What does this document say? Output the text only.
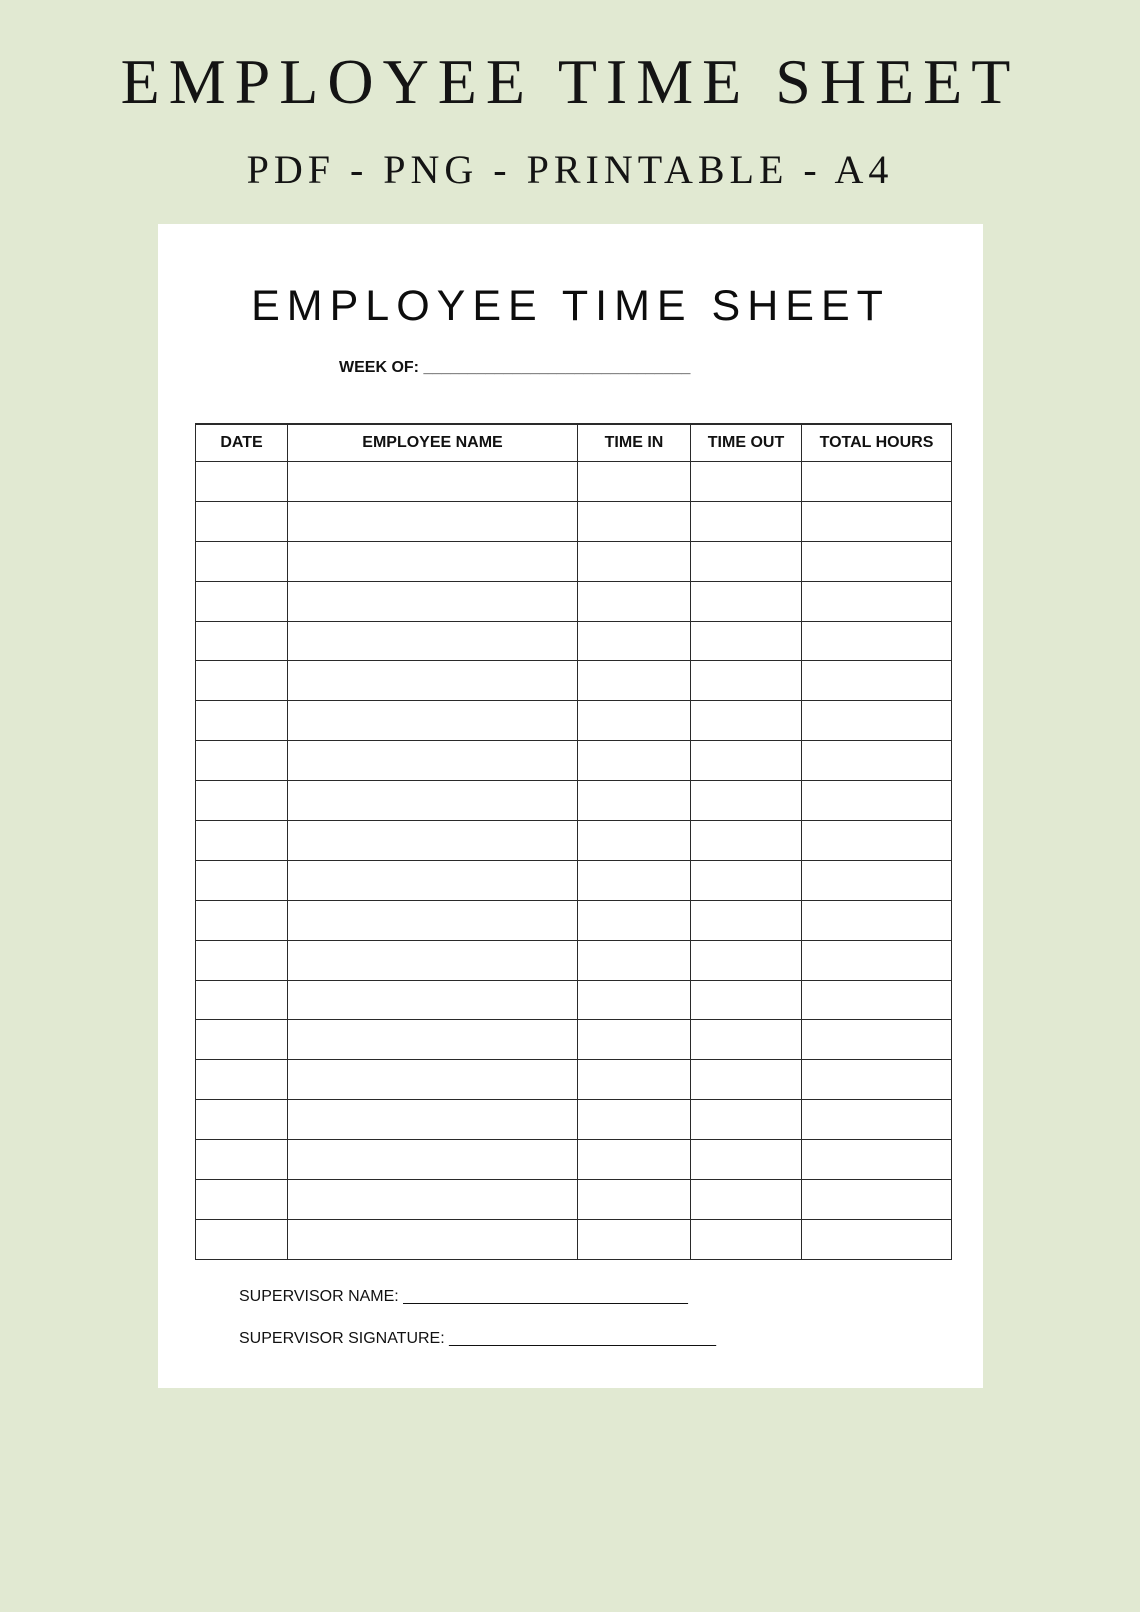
EMPLOYEE TIME SHEET
PDF - PNG - PRINTABLE - A4
EMPLOYEE TIME SHEET
WEEK OF: ______________________________
DATE	EMPLOYEE NAME	TIME IN	TIME OUT	TOTAL HOURS

SUPERVISOR NAME: ________________________________
SUPERVISOR SIGNATURE: ______________________________
